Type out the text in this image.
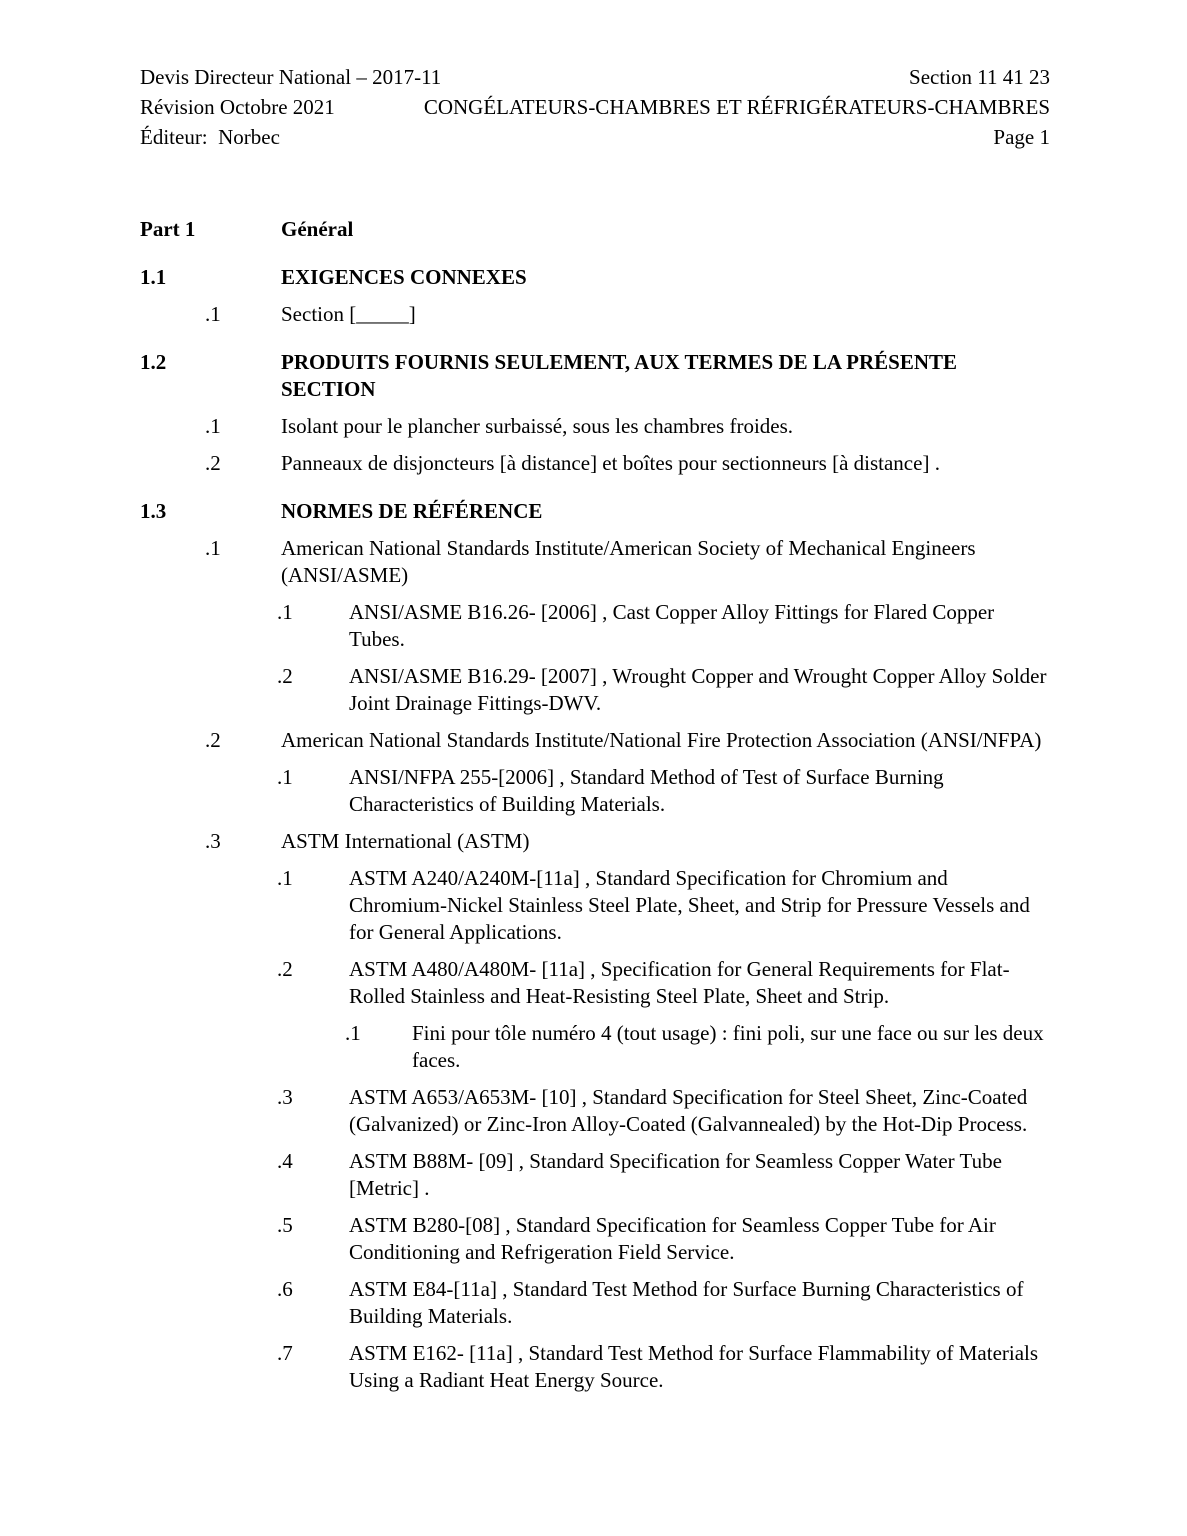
Devis Directeur National – 2017-11	Section 11 41 23
Révision Octobre 2021	CONGÉLATEURS-CHAMBRES ET RÉFRIGÉRATEURS-CHAMBRES
Éditeur:  Norbec	Page 1
Part 1	Général
1.1	EXIGENCES CONNEXES
.1	Section [_____]
1.2	PRODUITS FOURNIS SEULEMENT, AUX TERMES DE LA PRÉSENTE SECTION
.1	Isolant pour le plancher surbaissé, sous les chambres froides.
.2	Panneaux de disjoncteurs [à distance] et boîtes pour sectionneurs [à distance] .
1.3	NORMES DE RÉFÉRENCE
.1	American National Standards Institute/American Society of Mechanical Engineers (ANSI/ASME)
.1	ANSI/ASME B16.26- [2006] , Cast Copper Alloy Fittings for Flared Copper Tubes.
.2	ANSI/ASME B16.29- [2007] , Wrought Copper and Wrought Copper Alloy Solder Joint Drainage Fittings-DWV.
.2	American National Standards Institute/National Fire Protection Association (ANSI/NFPA)
.1	ANSI/NFPA 255-[2006] , Standard Method of Test of Surface Burning Characteristics of Building Materials.
.3	ASTM International (ASTM)
.1	ASTM A240/A240M-[11a] , Standard Specification for Chromium and Chromium-Nickel Stainless Steel Plate, Sheet, and Strip for Pressure Vessels and for General Applications.
.2	ASTM A480/A480M- [11a] , Specification for General Requirements for Flat-Rolled Stainless and Heat-Resisting Steel Plate, Sheet and Strip.
.1	Fini pour tôle numéro 4 (tout usage) : fini poli, sur une face ou sur les deux faces.
.3	ASTM A653/A653M- [10] , Standard Specification for Steel Sheet, Zinc-Coated (Galvanized) or Zinc-Iron Alloy-Coated (Galvannealed) by the Hot-Dip Process.
.4	ASTM B88M- [09] , Standard Specification for Seamless Copper Water Tube [Metric] .
.5	ASTM B280-[08] , Standard Specification for Seamless Copper Tube for Air Conditioning and Refrigeration Field Service.
.6	ASTM E84-[11a] , Standard Test Method for Surface Burning Characteristics of Building Materials.
.7	ASTM E162- [11a] , Standard Test Method for Surface Flammability of Materials Using a Radiant Heat Energy Source.
